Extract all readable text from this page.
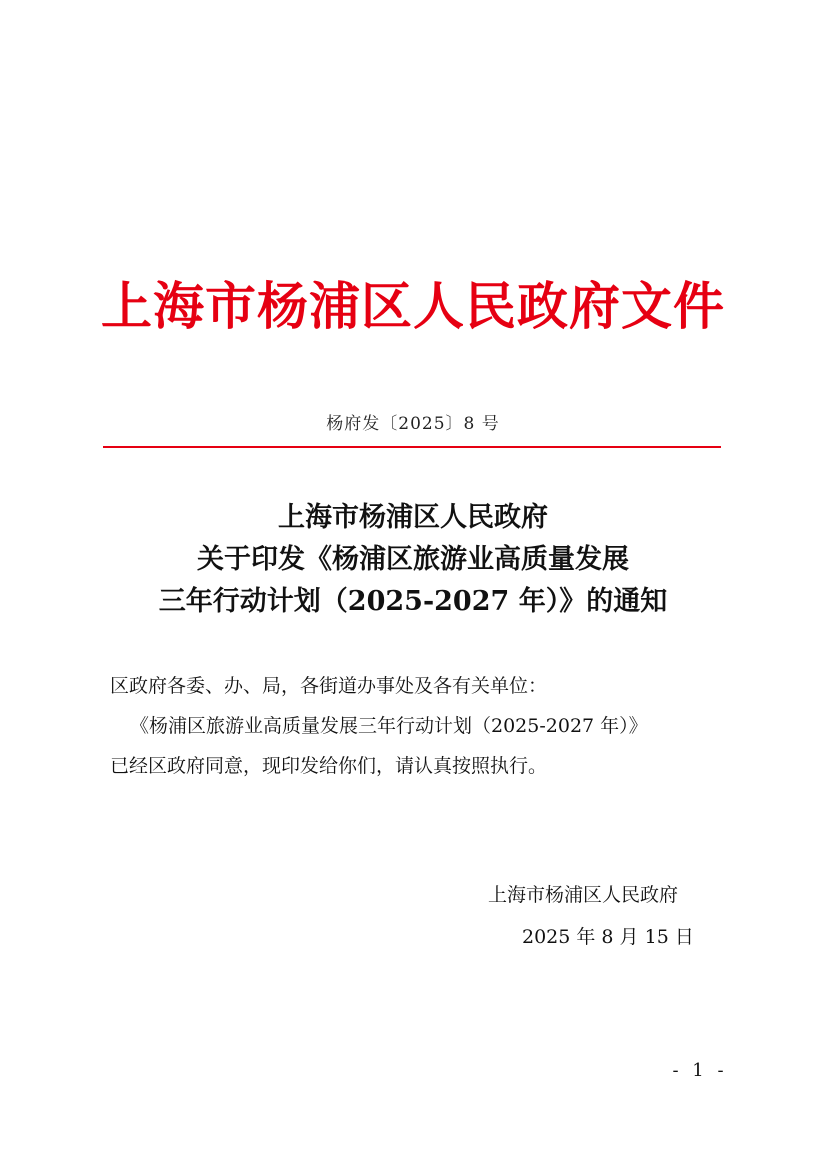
上海市杨浦区人民政府文件
杨府发〔2025〕8 号
上海市杨浦区人民政府
关于印发《杨浦区旅游业高质量发展
三年行动计划（2025-2027 年）》的通知
区政府各委、办、局，各街道办事处及各有关单位：
《杨浦区旅游业高质量发展三年行动计划（2025-2027 年）》
已经区政府同意，现印发给你们，请认真按照执行。
上海市杨浦区人民政府
2025 年 8 月 15 日
- 1 -
